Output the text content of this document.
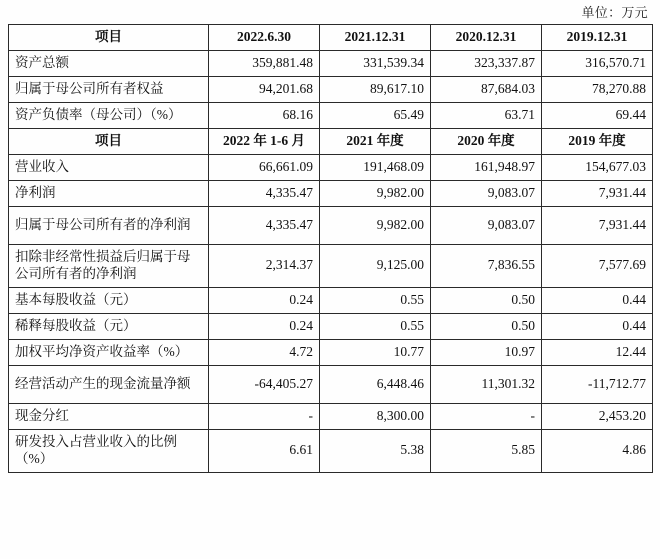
单位：万元
项目	2022.6.30	2021.12.31	2020.12.31	2019.12.31
资产总额	359,881.48	331,539.34	323,337.87	316,570.71
归属于母公司所有者权益	94,201.68	89,617.10	87,684.03	78,270.88
资产负债率（母公司）（%）	68.16	65.49	63.71	69.44
项目	2022 年 1-6 月	2021 年度	2020 年度	2019 年度
营业收入	66,661.09	191,468.09	161,948.97	154,677.03
净利润	4,335.47	9,982.00	9,083.07	7,931.44
归属于母公司所有者的净利润	4,335.47	9,982.00	9,083.07	7,931.44
扣除非经常性损益后归属于母公司所有者的净利润	2,314.37	9,125.00	7,836.55	7,577.69
基本每股收益（元）	0.24	0.55	0.50	0.44
稀释每股收益（元）	0.24	0.55	0.50	0.44
加权平均净资产收益率（%）	4.72	10.77	10.97	12.44
经营活动产生的现金流量净额	-64,405.27	6,448.46	11,301.32	-11,712.77
现金分红	-	8,300.00	-	2,453.20
研发投入占营业收入的比例（%）	6.61	5.38	5.85	4.86
